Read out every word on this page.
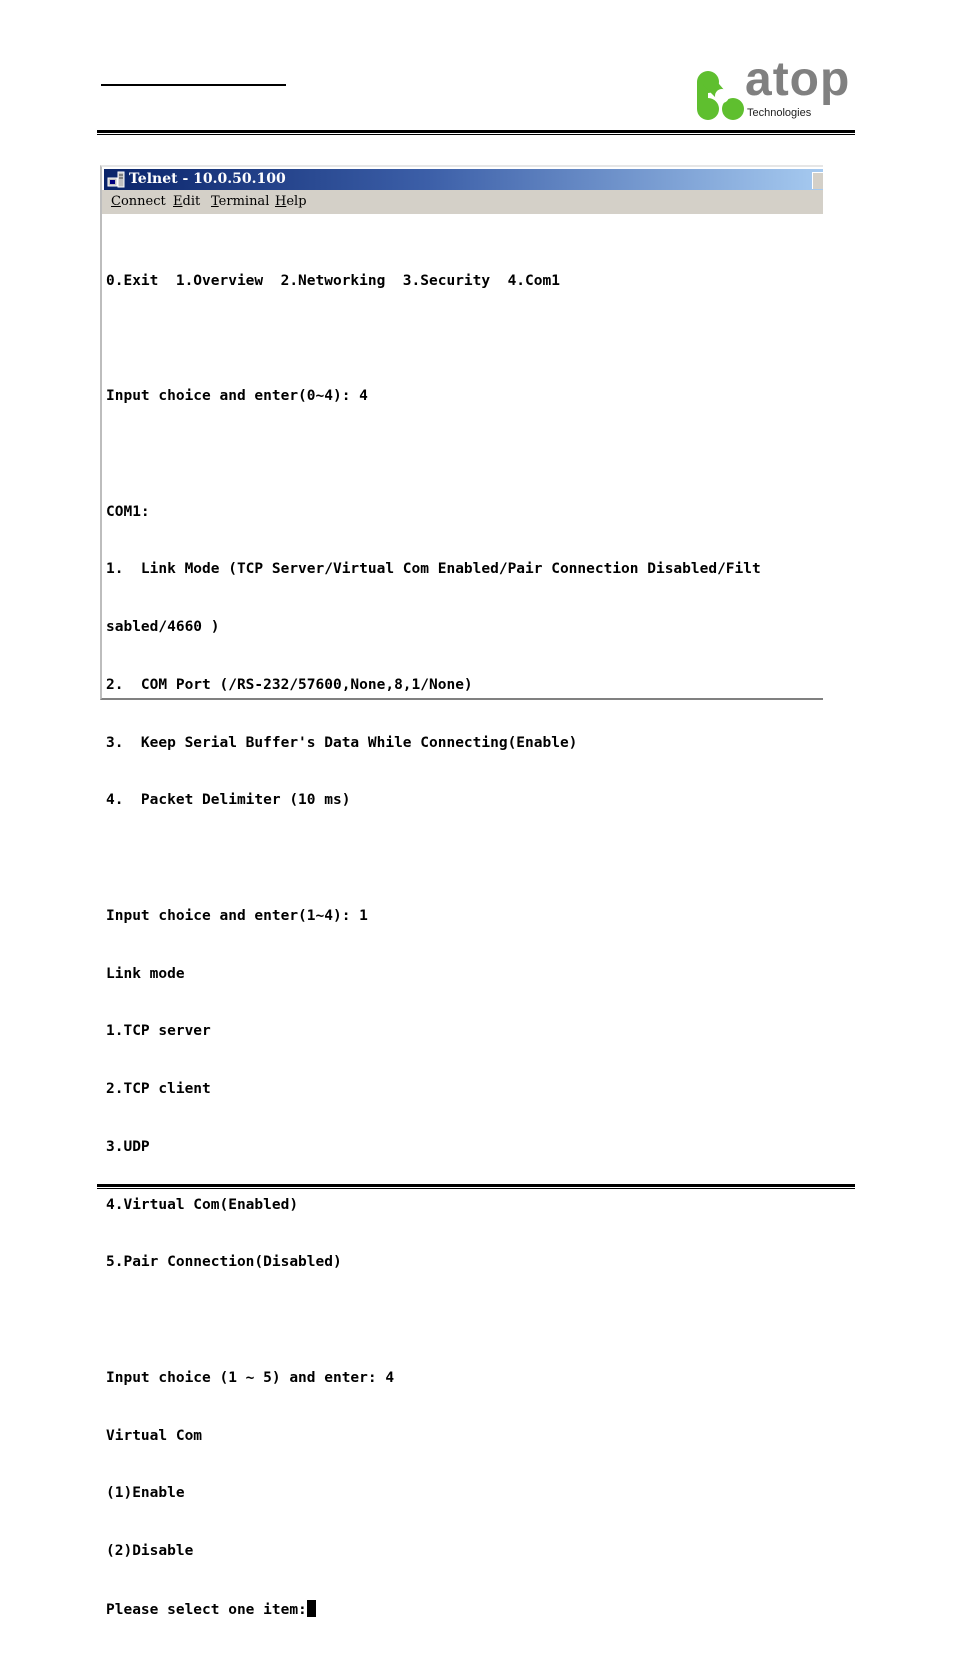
atop
Technologies
Telnet - 10.0.50.100
Connect Edit Terminal Help

0.Exit  1.Overview  2.Networking  3.Security  4.Com1

Input choice and enter(0~4): 4

COM1:

1.  Link Mode (TCP Server/Virtual Com Enabled/Pair Connection Disabled/Filt

sabled/4660 )

2.  COM Port (/RS-232/57600,None,8,1/None)

3.  Keep Serial Buffer's Data While Connecting(Enable)

4.  Packet Delimiter (10 ms)

Input choice and enter(1~4): 1

Link mode

1.TCP server

2.TCP client

3.UDP

4.Virtual Com(Enabled)

5.Pair Connection(Disabled)

Input choice (1 ~ 5) and enter: 4

Virtual Com

(1)Enable

(2)Disable

Please select one item:
